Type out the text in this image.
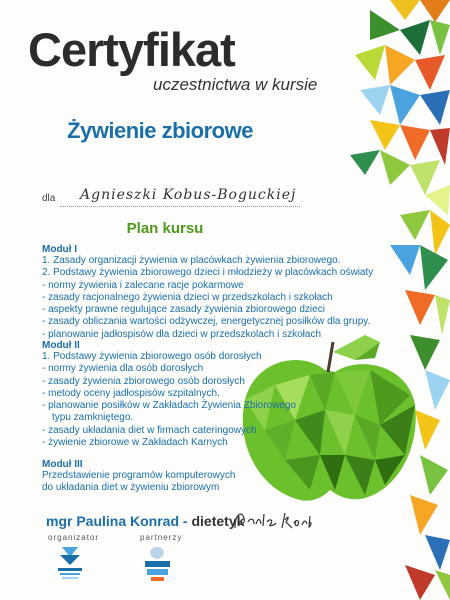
Certyfikat
uczestnictwa w kursie
Żywienie zbiorowe
dla Agnieszki Kobus-Boguckiej
Plan kursu
Moduł I
1. Zasady organizacji żywienia w placówkach żywienia zbiorowego.
2. Podstawy żywienia zbiorowego dzieci i młodzieży w placówkach oświaty
- normy żywienia i zalecane racje pokarmowe
- zasady racjonalnego żywienia dzieci w przedszkolach i szkołach
- aspekty prawne regulujące zasady żywienia zbiorowego dzieci
- zasady obliczania wartości odżywczej, energetycznej posiłków dla grupy.
- planowanie jadłospisów dla dzieci w przedszkolach i szkołach
Moduł II
1. Podstawy żywienia zbiorowego osób dorosłych
- normy żywienia dla osób dorosłych
- zasady żywienia zbiorowego osób dorosłych
- metody oceny jadłospisów szpitalnych.
- planowanie posiłków w Zakładach Żywienia Zbiorowego
typu zamkniętego.
- zasady układania diet w firmach cateringowych
- żywienie zbiorowe w Zakładach Karnych
Moduł III
Przedstawienie programów komputerowych
do układania diet w żywieniu zbiorowym
mgr Paulina Konrad - dietetyk
organizator	partnerzy
